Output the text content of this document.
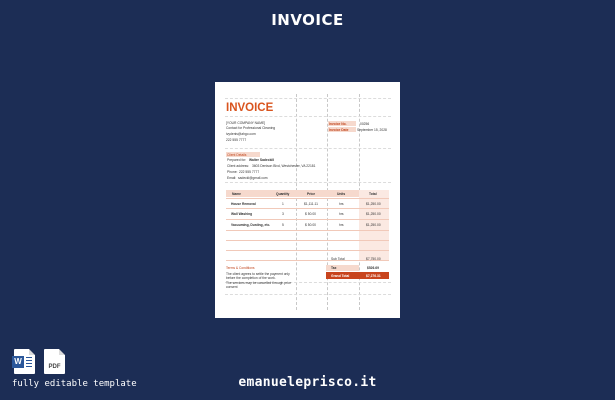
INVOICE
INVOICE
[YOUR COMPANY NAME]
Contact for Professional Cleaning
ivydenis@ahgo.com
222 555 7777
Invoice No.	00256
Invoice Date	September 15, 2028
Client Details
Prepared for: Walter Sadeckill
Client address: 3603 Denison Blvd, Westchester, VA 22181
Phone: 222 555 7777
Email: sadeckl@gmail.com
Name	Quantity	Price	Units	Total
House Removal	1	$1,111.11	hrs	$1,250.00
Wall Washing	3	$ 50.00	hrs	$1,250.00
Vacuuming, Dusting, etc.	5	$ 50.00	hrs	$1,250.00
Sub Total	$7,750.00
Tax	$526.69
Grand Total	$7,276.31
Terms & Conditions
The client agrees to settle the payment only
before the completion of the work.
The services may be cancelled through prior
consent
W
PDF
fully editable template	emanueleprisco.it
